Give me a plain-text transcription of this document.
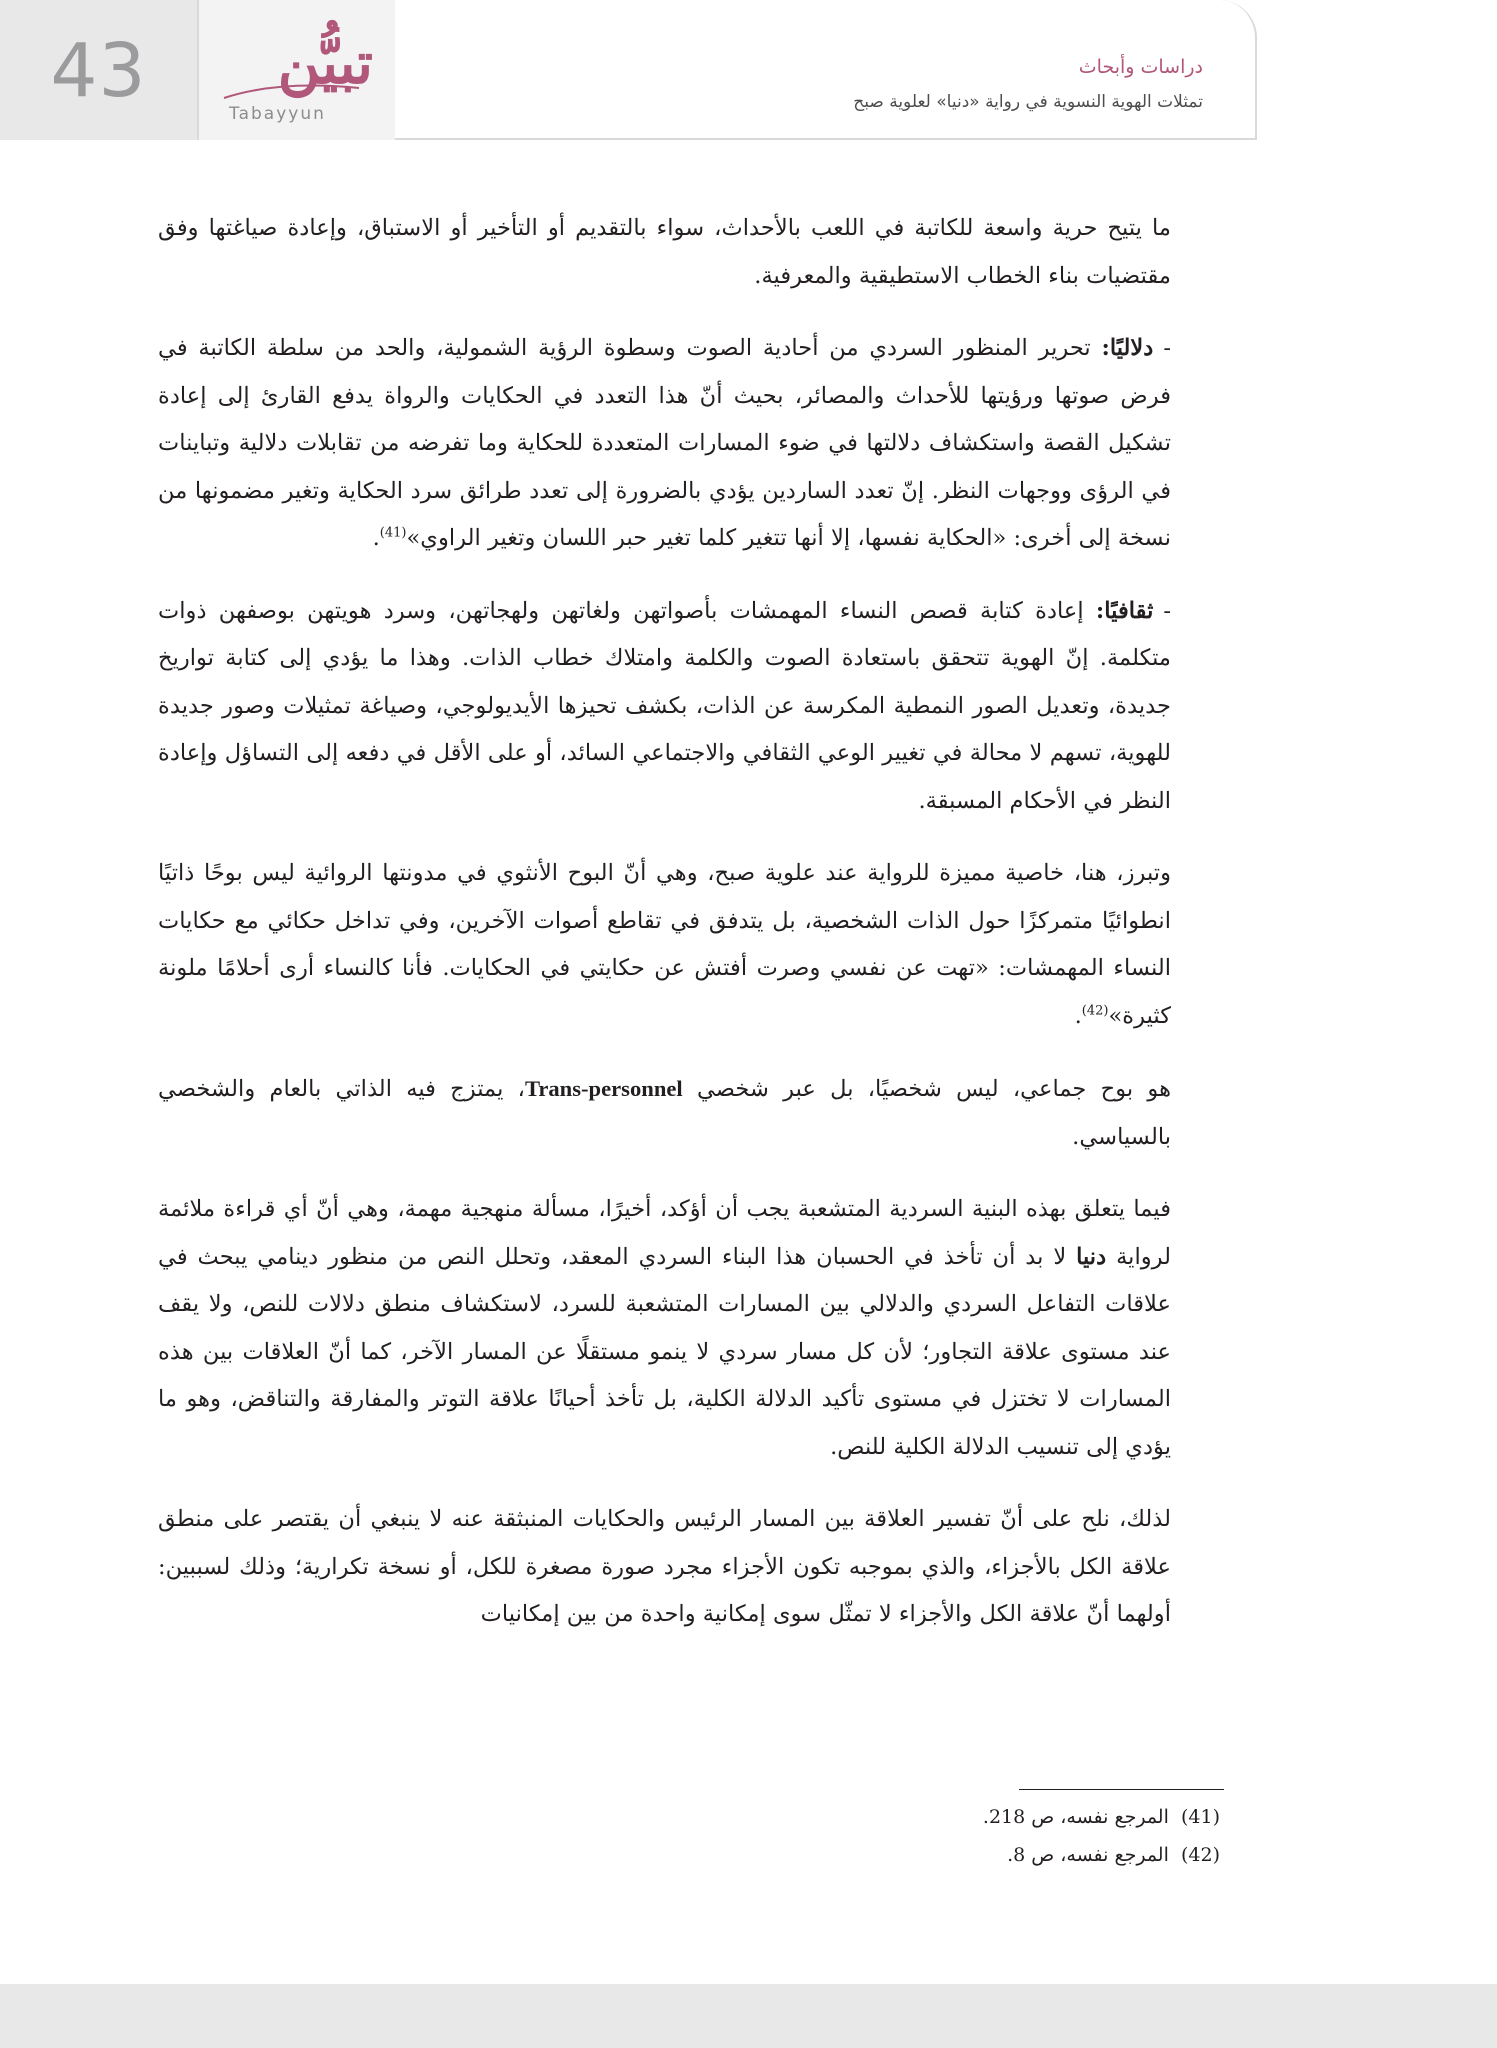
43	تبيُّن
Tabayyun
دراسات وأبحاث
تمثلات الهوية النسوية في رواية «دنيا» لعلوية صبح

ما يتيح حرية واسعة للكاتبة في اللعب بالأحداث، سواء بالتقديم أو التأخير أو الاستباق، وإعادة صياغتها وفق مقتضيات بناء الخطاب الاستطيقية والمعرفية.

-دلاليًا: تحرير المنظور السردي من أحادية الصوت وسطوة الرؤية الشمولية، والحد من سلطة الكاتبة في فرض صوتها ورؤيتها للأحداث والمصائر، بحيث أنّ هذا التعدد في الحكايات والرواة يدفع القارئ إلى إعادة تشكيل القصة واستكشاف دلالتها في ضوء المسارات المتعددة للحكاية وما تفرضه من تقابلات دلالية وتباينات في الرؤى ووجهات النظر. إنّ تعدد الساردين يؤدي بالضرورة إلى تعدد طرائق سرد الحكاية وتغير مضمونها من نسخة إلى أخرى: «الحكاية نفسها، إلا أنها تتغير كلما تغير حبر اللسان وتغير الراوي»$^{(41)}$.

-ثقافيًا: إعادة كتابة قصص النساء المهمشات بأصواتهن ولغاتهن ولهجاتهن، وسرد هويتهن بوصفهن ذوات متكلمة. إنّ الهوية تتحقق باستعادة الصوت والكلمة وامتلاك خطاب الذات. وهذا ما يؤدي إلى كتابة تواريخ جديدة، وتعديل الصور النمطية المكرسة عن الذات، بكشف تحيزها الأيديولوجي، وصياغة تمثيلات وصور جديدة للهوية، تسهم لا محالة في تغيير الوعي الثقافي والاجتماعي السائد، أو على الأقل في دفعه إلى التساؤل وإعادة النظر في الأحكام المسبقة.

وتبرز، هنا، خاصية مميزة للرواية عند علوية صبح، وهي أنّ البوح الأنثوي في مدونتها الروائية ليس بوحًا ذاتيًا انطوائيًا متمركزًا حول الذات الشخصية، بل يتدفق في تقاطع أصوات الآخرين، وفي تداخل حكائي مع حكايات النساء المهمشات: «تهت عن نفسي وصرت أفتش عن حكايتي في الحكايات. فأنا كالنساء أرى أحلامًا ملونة كثيرة»$^{(42)}$.

هو بوح جماعي، ليس شخصيًا، بل عبر شخصي Trans-personnel، يمتزج فيه الذاتي بالعام والشخصي بالسياسي.

فيما يتعلق بهذه البنية السردية المتشعبة يجب أن أؤكد، أخيرًا، مسألة منهجية مهمة، وهي أنّ أي قراءة ملائمة لرواية دنيا لا بد أن تأخذ في الحسبان هذا البناء السردي المعقد، وتحلل النص من منظور دينامي يبحث في علاقات التفاعل السردي والدلالي بين المسارات المتشعبة للسرد، لاستكشاف منطق دلالات للنص، ولا يقف عند مستوى علاقة التجاور؛ لأن كل مسار سردي لا ينمو مستقلًا عن المسار الآخر، كما أنّ العلاقات بين هذه المسارات لا تختزل في مستوى تأكيد الدلالة الكلية، بل تأخذ أحيانًا علاقة التوتر والمفارقة والتناقض، وهو ما يؤدي إلى تنسيب الدلالة الكلية للنص.

لذلك، نلح على أنّ تفسير العلاقة بين المسار الرئيس والحكايات المنبثقة عنه لا ينبغي أن يقتصر على منطق علاقة الكل بالأجزاء، والذي بموجبه تكون الأجزاء مجرد صورة مصغرة للكل، أو نسخة تكرارية؛ وذلك لسببين: أولهما أنّ علاقة الكل والأجزاء لا تمثّل سوى إمكانية واحدة من بين إمكانيات

(41)  المرجع نفسه، ص 218.
(42)  المرجع نفسه، ص 8.
